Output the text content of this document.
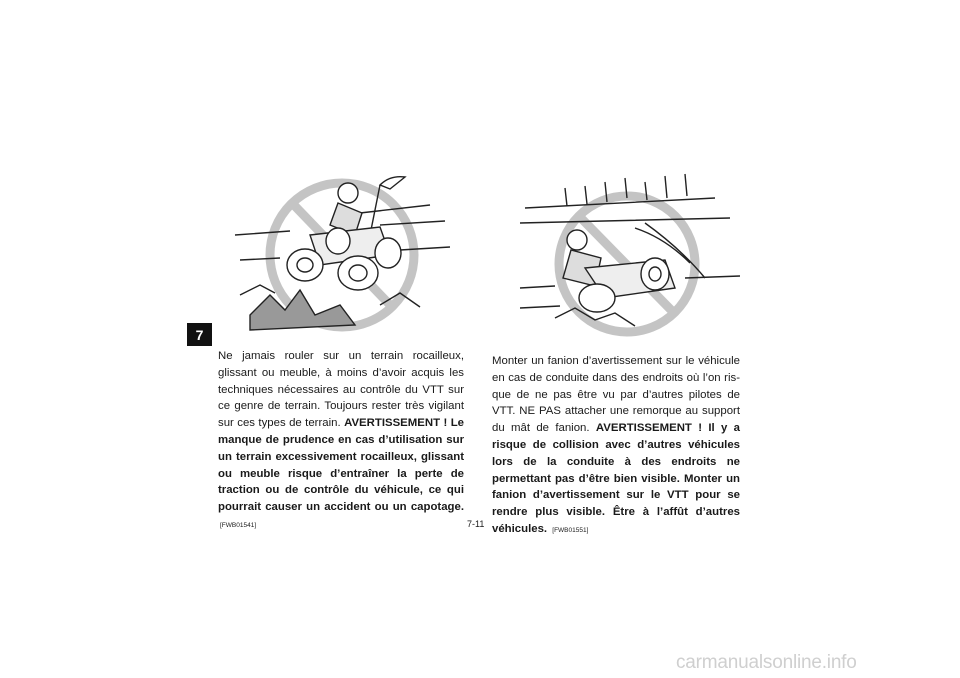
7
Ne jamais rouler sur un terrain rocailleux, glissant ou meuble, à moins d’avoir acquis les techniques nécessaires au contrôle du VTT sur ce genre de terrain. Toujours rester très vigilant sur ces types de terrain. AVERTISSEMENT ! Le manque de prudence en cas d’utilisation sur un terrain excessivement rocailleux, glissant ou meuble risque d’entraîner la perte de traction ou de contrôle du véhicule, ce qui pourrait causer un accident ou un capotage. [FWB01541]
Monter un fanion d’avertissement sur le véhicule en cas de conduite dans des endroits où l’on risque de ne pas être vu par d’autres pilotes de VTT. NE PAS attacher une remorque au support du mât de fanion. AVERTISSEMENT ! Il y a risque de collision avec d’autres véhicules lors de la conduite à des endroits ne permettant pas d’être bien visible. Monter un fanion d’avertissement sur le VTT pour se rendre plus visible. Être à l’affût d’autres véhicules. [FWB01551]
7-11
carmanualsonline.info
